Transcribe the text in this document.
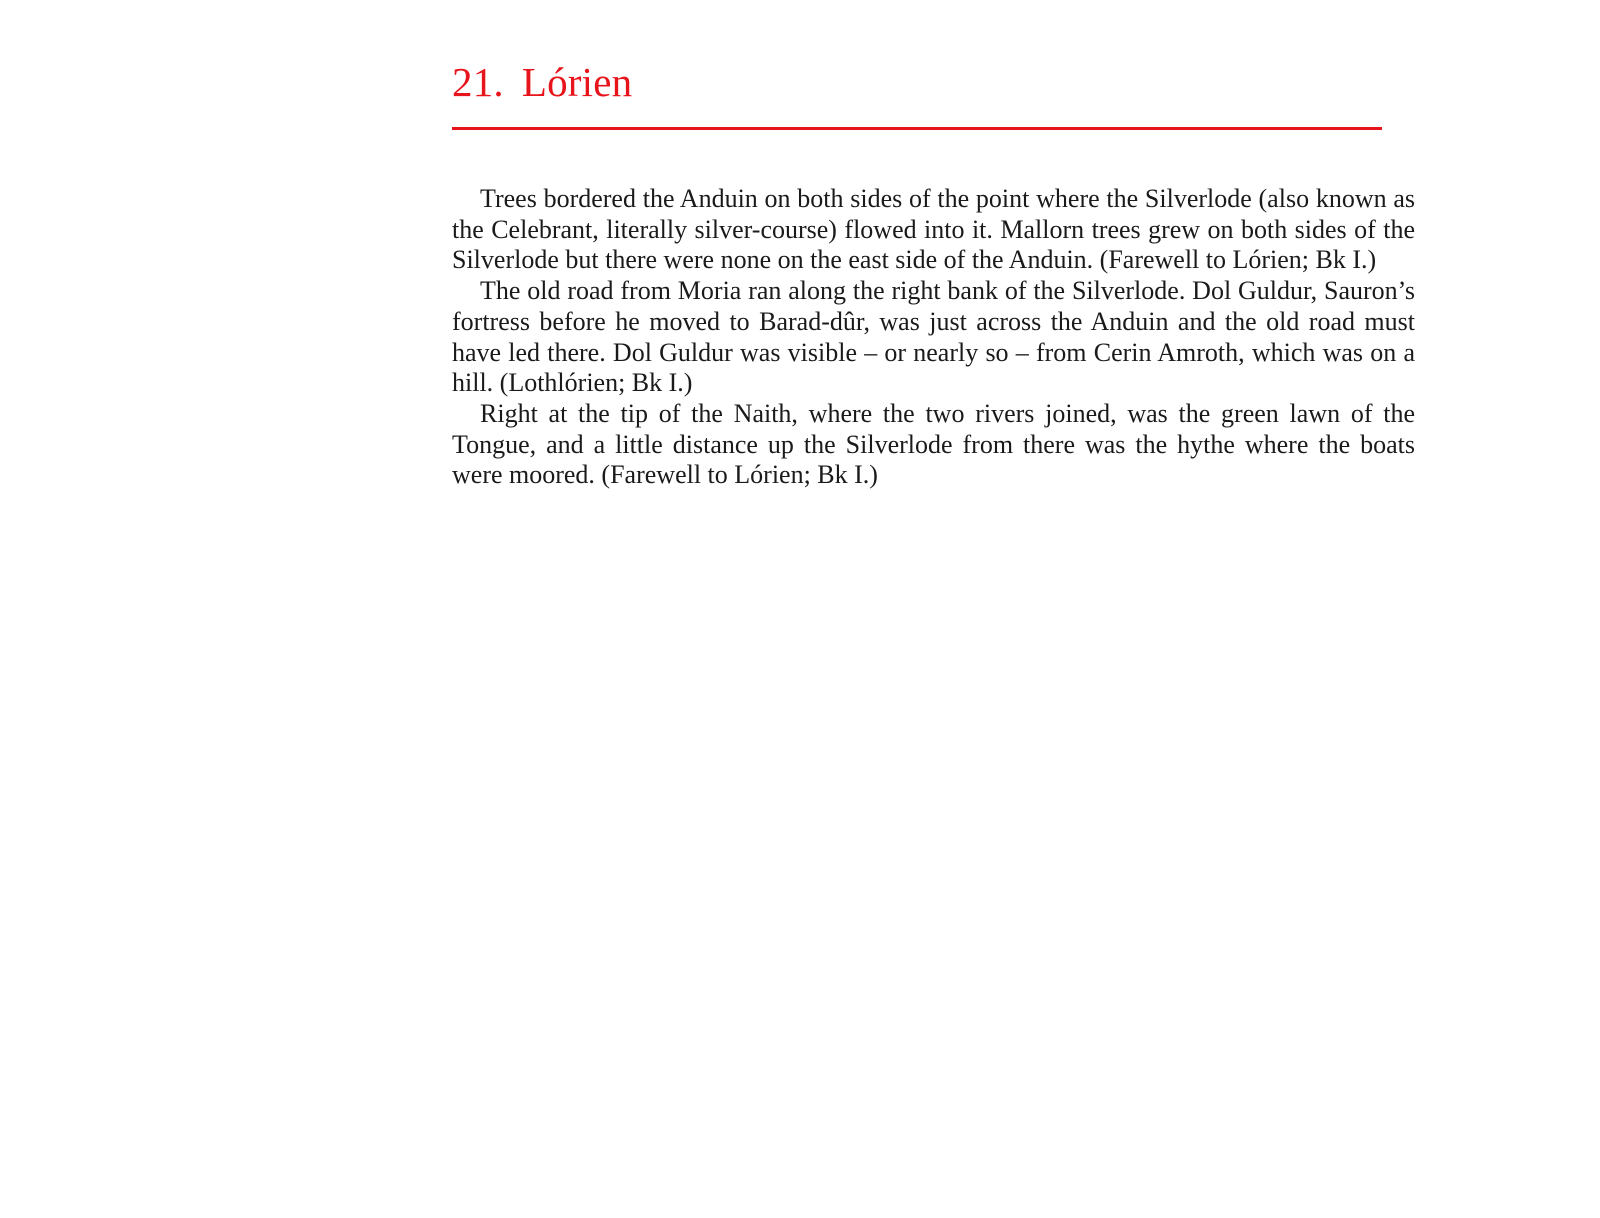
21. Lórien

Trees bordered the Anduin on both sides of the point where the Silverlode (also known as the Celebrant, literally silver-course) flowed into it. Mallorn trees grew on both sides of the Silverlode but there were none on the east side of the Anduin. (Farewell to Lórien; Bk I.)

The old road from Moria ran along the right bank of the Silverlode. Dol Guldur, Sauron’s fortress before he moved to Barad-dûr, was just across the Anduin and the old road must have led there. Dol Guldur was visible – or nearly so – from Cerin Amroth, which was on a hill. (Lothlórien; Bk I.)

Right at the tip of the Naith, where the two rivers joined, was the green lawn of the Tongue, and a little distance up the Silverlode from there was the hythe where the boats were moored. (Farewell to Lórien; Bk I.)
